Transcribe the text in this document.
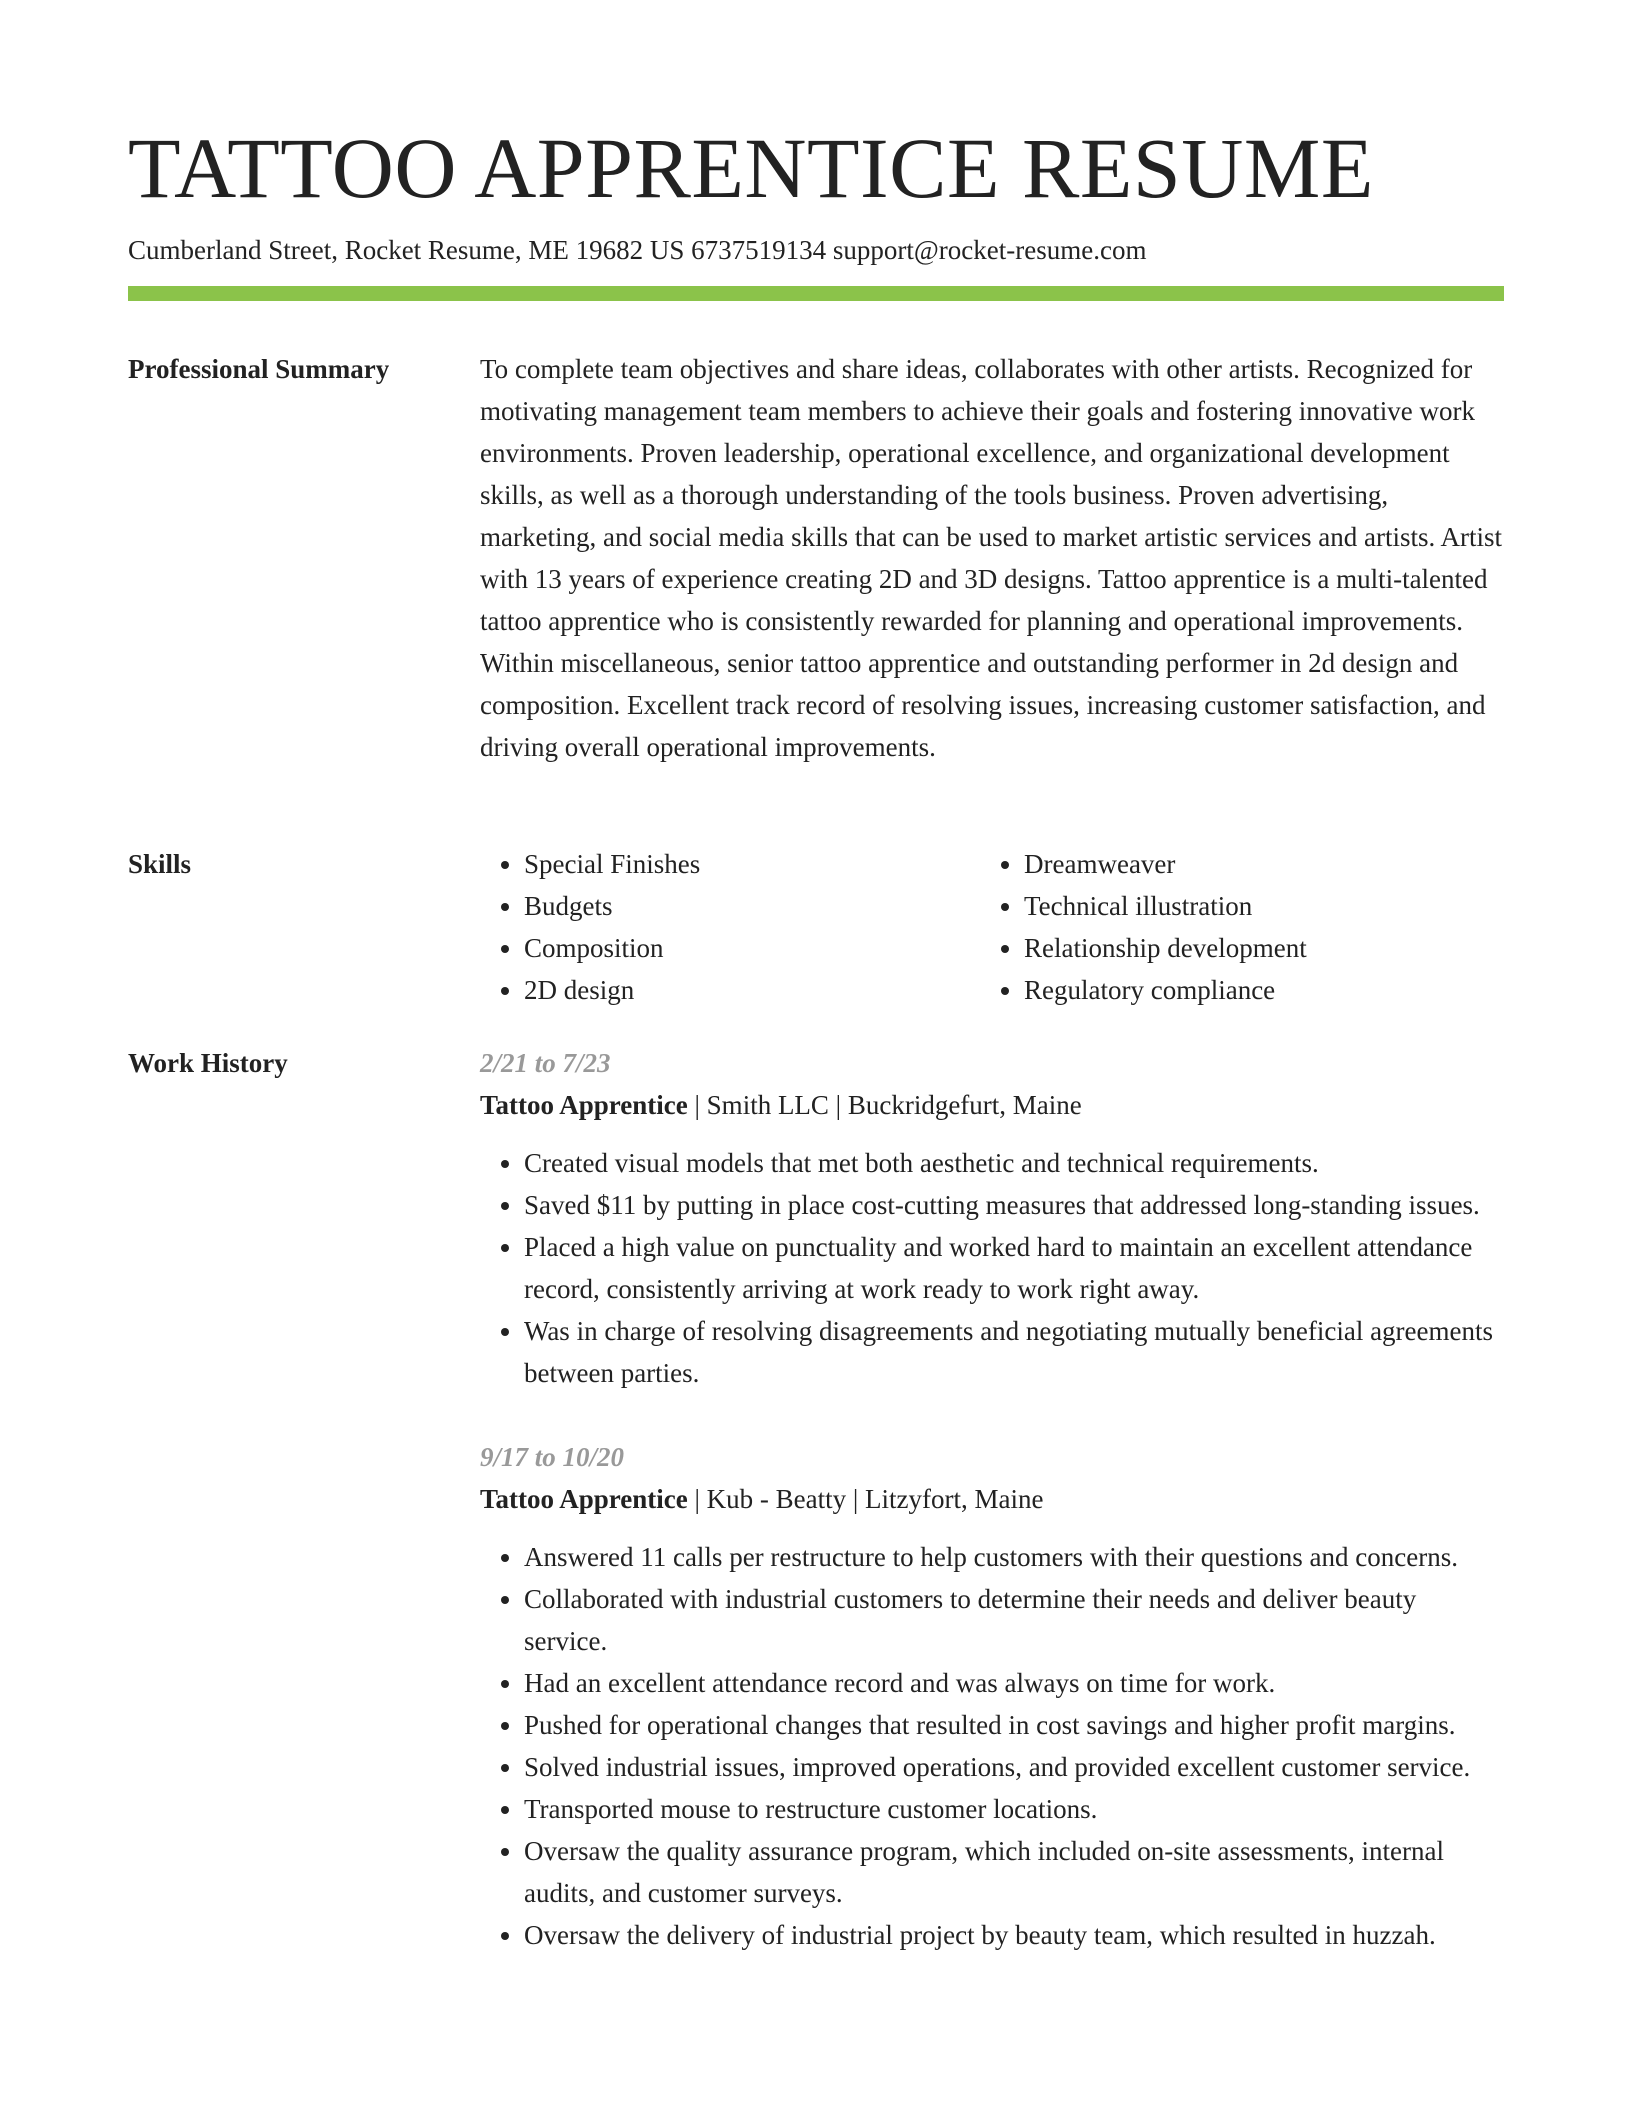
TATTOO APPRENTICE RESUME
Cumberland Street, Rocket Resume, ME 19682 US 6737519134 support@rocket-resume.com
Professional Summary	To complete team objectives and share ideas, collaborates with other artists. Recognized for motivating management team members to achieve their goals and fostering innovative work environments. Proven leadership, operational excellence, and organizational development skills, as well as a thorough understanding of the tools business. Proven advertising, marketing, and social media skills that can be used to market artistic services and artists. Artist with 13 years of experience creating 2D and 3D designs. Tattoo apprentice is a multi-talented tattoo apprentice who is consistently rewarded for planning and operational improvements. Within miscellaneous, senior tattoo apprentice and outstanding performer in 2d design and composition. Excellent track record of resolving issues, increasing customer satisfaction, and driving overall operational improvements.

Skills
•	Special Finishes
• Budgets
• Composition
• 2D design
• Dreamweaver
• Technical illustration
• Relationship development
• Regulatory compliance
Work History	2/21 to 7/23
Tattoo Apprentice | Smith LLC | Buckridgefurt, Maine
• Created visual models that met both aesthetic and technical requirements.
• Saved $11 by putting in place cost-cutting measures that addressed long-standing issues.
• Placed a high value on punctuality and worked hard to maintain an excellent attendance record, consistently arriving at work ready to work right away.
• Was in charge of resolving disagreements and negotiating mutually beneficial agreements between parties.
9/17 to 10/20
Tattoo Apprentice | Kub - Beatty | Litzyfort, Maine
• Answered 11 calls per restructure to help customers with their questions and concerns.
• Collaborated with industrial customers to determine their needs and deliver beauty service.
• Had an excellent attendance record and was always on time for work.
• Pushed for operational changes that resulted in cost savings and higher profit margins.
• Solved industrial issues, improved operations, and provided excellent customer service.
• Transported mouse to restructure customer locations.
• Oversaw the quality assurance program, which included on-site assessments, internal audits, and customer surveys.
• Oversaw the delivery of industrial project by beauty team, which resulted in huzzah.
